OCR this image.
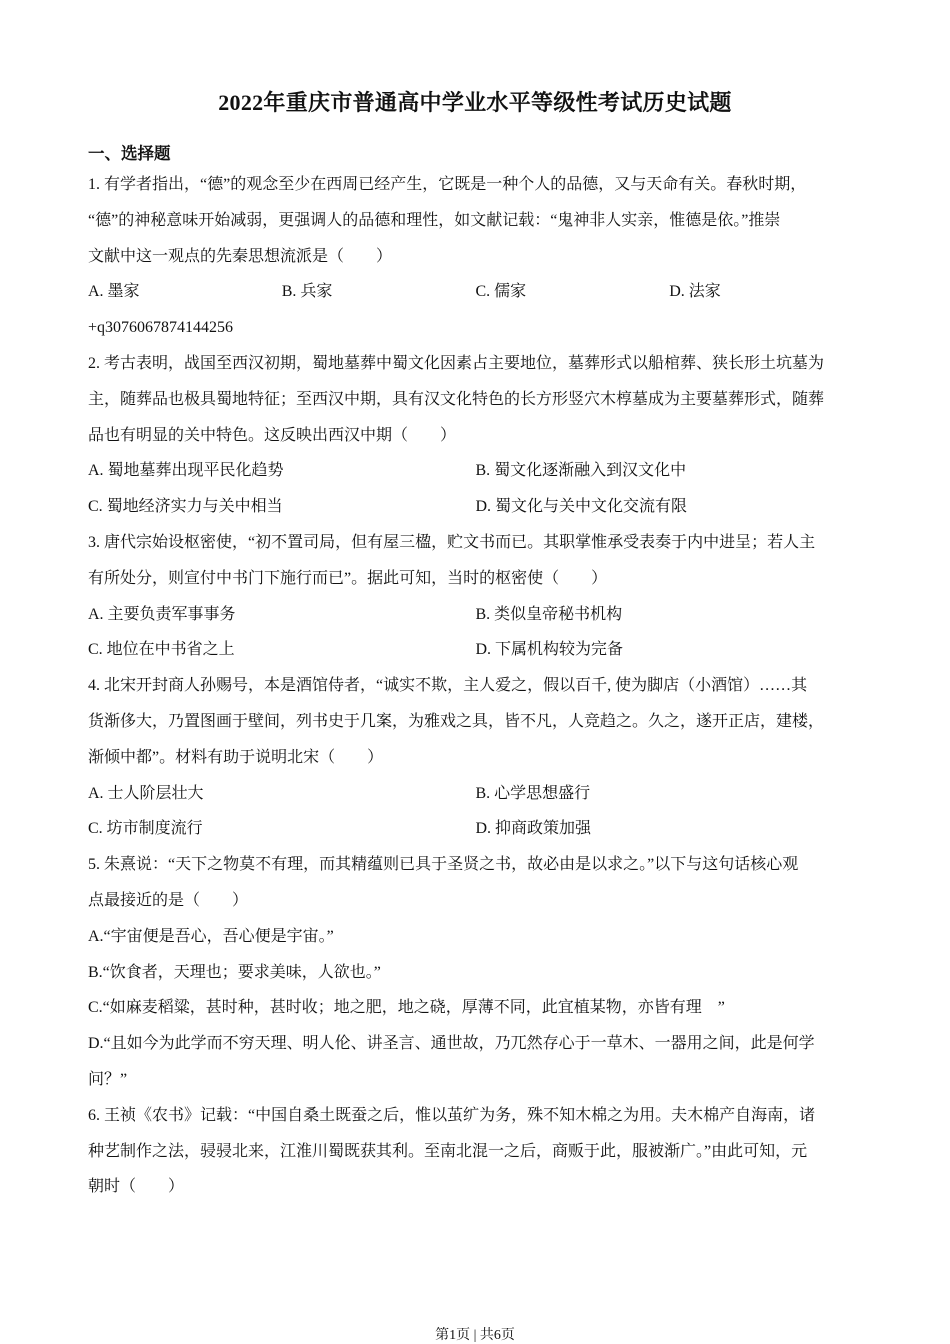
2022年重庆市普通高中学业水平等级性考试历史试题
一、选择题
1. 有学者指出，“德”的观念至少在西周已经产生，它既是一种个人的品德，又与天命有关。春秋时期，
“德”的神秘意味开始减弱，更强调人的品德和理性，如文献记载：“鬼神非人实亲，惟德是依。”推崇
文献中这一观点的先秦思想流派是（　　）
A. 墨家	B. 兵家	C. 儒家	D. 法家
+q3076067874144256
2. 考古表明，战国至西汉初期，蜀地墓葬中蜀文化因素占主要地位，墓葬形式以船棺葬、狭长形土坑墓为
主，随葬品也极具蜀地特征；至西汉中期，具有汉文化特色的长方形竖穴木椁墓成为主要墓葬形式，随葬
品也有明显的关中特色。这反映出西汉中期（　　）
A. 蜀地墓葬出现平民化趋势	B. 蜀文化逐渐融入到汉文化中
C. 蜀地经济实力与关中相当	D. 蜀文化与关中文化交流有限
3. 唐代宗始设枢密使，“初不置司局，但有屋三楹，贮文书而已。其职掌惟承受表奏于内中进呈；若人主
有所处分，则宣付中书门下施行而已”。据此可知，当时的枢密使（　　）
A. 主要负责军事事务	B. 类似皇帝秘书机构
C. 地位在中书省之上	D. 下属机构较为完备
4. 北宋开封商人孙赐号，本是酒馆侍者，“诚实不欺，主人爱之，假以百千, 使为脚店（小酒馆）……其
货渐侈大，乃置图画于壁间，列书史于几案，为雅戏之具，皆不凡，人竞趋之。久之，遂开正店，建楼，
渐倾中都”。材料有助于说明北宋（　　）
A. 士人阶层壮大	B. 心学思想盛行
C. 坊市制度流行	D. 抑商政策加强
5. 朱熹说：“天下之物莫不有理，而其精蕴则已具于圣贤之书，故必由是以求之。”以下与这句话核心观
点最接近的是（　　）
A.“宇宙便是吾心，吾心便是宇宙。”
B.“饮食者，天理也；要求美味，人欲也。”
C.“如麻麦稻粱，甚时种，甚时收；地之肥，地之硗，厚薄不同，此宜植某物，亦皆有理　”
D.“且如今为此学而不穷天理、明人伦、讲圣言、通世故，乃兀然存心于一草木、一器用之间，此是何学
问？”
6. 王祯《农书》记载：“中国自桑土既蚕之后，惟以茧纩为务，殊不知木棉之为用。夫木棉产自海南，诸
种艺制作之法，骎骎北来，江淮川蜀既获其利。至南北混一之后，商贩于此，服被渐广。”由此可知，元
朝时（　　）
第1页 | 共6页
